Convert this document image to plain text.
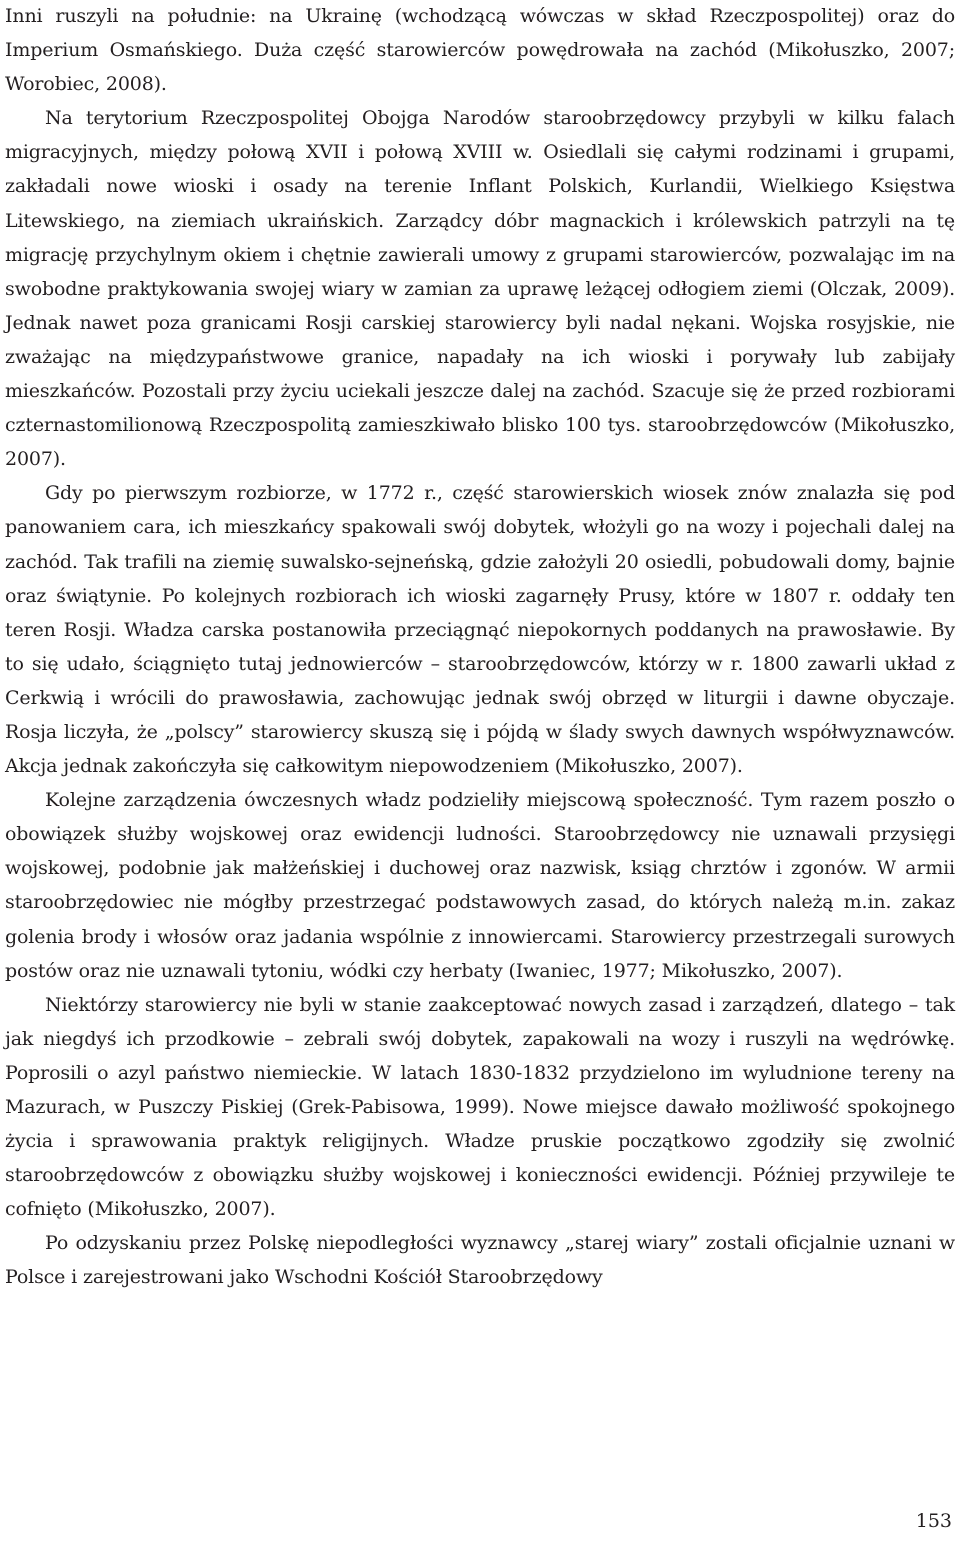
Inni ruszyli na południe: na Ukrainę (wchodzącą wówczas w skład Rzeczpospolitej) oraz do Imperium Osmańskiego. Duża część starowierców powędrowała na zachód (Mikołuszko, 2007; Worobiec, 2008).

Na terytorium Rzeczpospolitej Obojga Narodów staroobrzędowcy przybyli w kilku falach migracyjnych, między połową XVII i połową XVIII w. Osiedlali się całymi rodzinami i grupami, zakładali nowe wioski i osady na terenie Inflant Polskich, Kurlandii, Wielkiego Księstwa Litewskiego, na ziemiach ukraińskich. Zarządcy dóbr magnackich i królewskich patrzyli na tę migrację przychylnym okiem i chętnie zawierali umowy z grupami starowierców, pozwalając im na swobodne praktykowania swojej wiary w zamian za uprawę leżącej odłogiem ziemi (Olczak, 2009). Jednak nawet poza granicami Rosji carskiej starowiercy byli nadal nękani. Wojska rosyjskie, nie zważając na międzypaństwowe granice, napadały na ich wioski i porywały lub zabijały mieszkańców. Pozostali przy życiu uciekali jeszcze dalej na zachód. Szacuje się że przed rozbiorami czternastomilionową Rzeczpospolitą zamieszkiwało blisko 100 tys. staroobrzędowców (Mikołuszko, 2007).

Gdy po pierwszym rozbiorze, w 1772 r., część starowierskich wiosek znów znalazła się pod panowaniem cara, ich mieszkańcy spakowali swój dobytek, włożyli go na wozy i pojechali dalej na zachód. Tak trafili na ziemię suwalsko-sejneńską, gdzie założyli 20 osiedli, pobudowali domy, bajnie oraz świątynie. Po kolejnych rozbiorach ich wioski zagarnęły Prusy, które w 1807 r. oddały ten teren Rosji. Władza carska postanowiła przeciągnąć niepokornych poddanych na prawosławie. By to się udało, ściągnięto tutaj jednowierców – staroobrzędowców, którzy w r. 1800 zawarli układ z Cerkwią i wrócili do prawosławia, zachowując jednak swój obrzęd w liturgii i dawne obyczaje. Rosja liczyła, że „polscy” starowiercy skuszą się i pójdą w ślady swych dawnych współwyznawców. Akcja jednak zakończyła się całkowitym niepowodzeniem (Mikołuszko, 2007).

Kolejne zarządzenia ówczesnych władz podzieliły miejscową społeczność. Tym razem poszło o obowiązek służby wojskowej oraz ewidencji ludności. Staroobrzędowcy nie uznawali przysięgi wojskowej, podobnie jak małżeńskiej i duchowej oraz nazwisk, ksiąg chrztów i zgonów. W armii staroobrzędowiec nie mógłby przestrzegać podstawowych zasad, do których należą m.in. zakaz golenia brody i włosów oraz jadania wspólnie z innowiercami. Starowiercy przestrzegali surowych postów oraz nie uznawali tytoniu, wódki czy herbaty (Iwaniec, 1977; Mikołuszko, 2007).

Niektórzy starowiercy nie byli w stanie zaakceptować nowych zasad i zarządzeń, dlatego – tak jak niegdyś ich przodkowie – zebrali swój dobytek, zapakowali na wozy i ruszyli na wędrówkę. Poprosili o azyl państwo niemieckie. W latach 1830-1832 przydzielono im wyludnione tereny na Mazurach, w Puszczy Piskiej (Grek-Pabisowa, 1999). Nowe miejsce dawało możliwość spokojnego życia i sprawowania praktyk religijnych. Władze pruskie początkowo zgodziły się zwolnić staroobrzędowców z obowiązku służby wojskowej i konieczności ewidencji. Później przywileje te cofnięto (Mikołuszko, 2007).

Po odzyskaniu przez Polskę niepodległości wyznawcy „starej wiary” zostali oficjalnie uznani w Polsce i zarejestrowani jako Wschodni Kościół Staroobrzędowy

153
